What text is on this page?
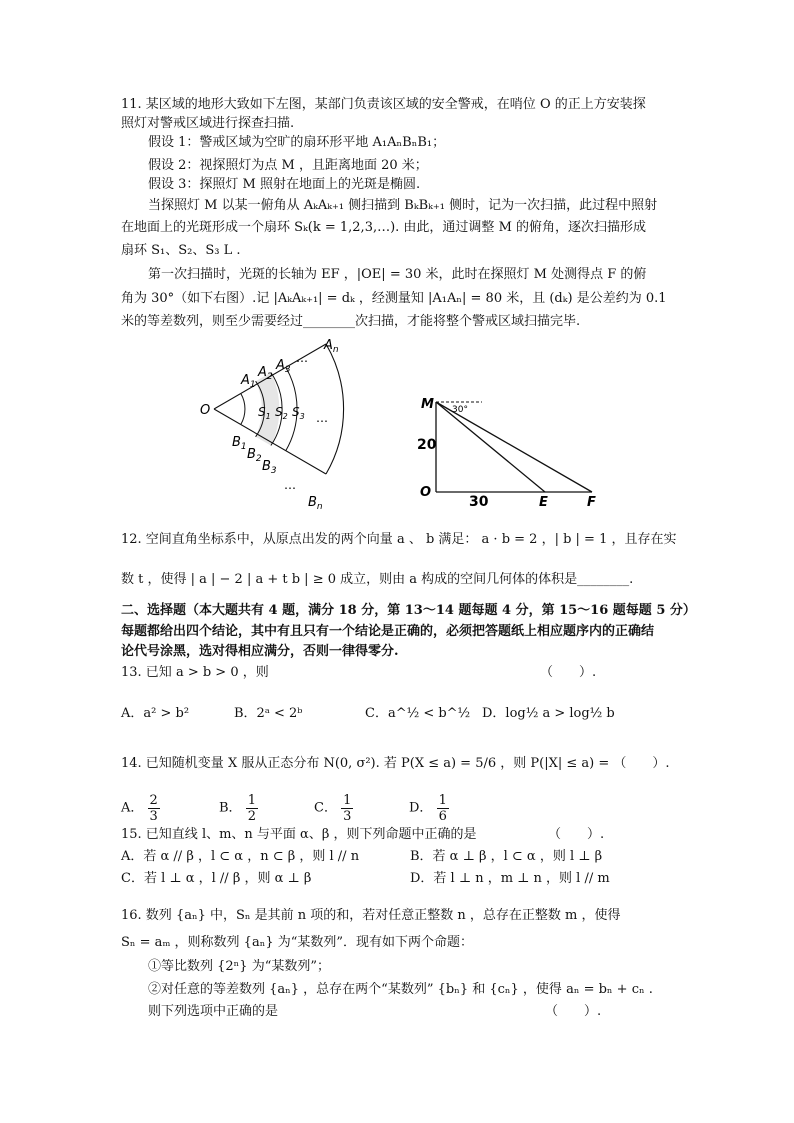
11. 某区域的地形大致如下左图，某部门负责该区域的安全警戒，在哨位 O 的正上方安装探
照灯对警戒区域进行探查扫描.
假设 1：警戒区域为空旷的扇环形平地 A₁AₙBₙB₁；
假设 2：视探照灯为点 M ，且距离地面 20 米；
假设 3：探照灯 M 照射在地面上的光斑是椭圆.
当探照灯 M 以某一俯角从 AₖAₖ₊₁ 侧扫描到 BₖBₖ₊₁ 侧时，记为一次扫描，此过程中照射
在地面上的光斑形成一个扇环 Sₖ(k = 1,2,3,…). 由此，通过调整 M 的俯角，逐次扫描形成
扇环 S₁、S₂、S₃ L .
第一次扫描时，光斑的长轴为 EF ，|OE| = 30 米，此时在探照灯 M 处测得点 F 的俯
角为 30°（如下右图）.记 |AₖAₖ₊₁| = dₖ ，经测量知 |A₁Aₙ| = 80 米，且 (dₖ) 是公差约为 0.1
米的等差数列，则至少需要经过________次扫描，才能将整个警戒区域扫描完毕.
O
$A_1$
$A_2$
$A_3$
$A_n$
…
$S_1$ $S_2$ $S_3$ …
$B_1$ $B_2$ $B_3$
…
$B_n$
M 30°
20
O
30	E	F
12. 空间直角坐标系中，从原点出发的两个向量 a 、 b 满足： a · b = 2 ，| b | = 1 ，且存在实
数 t ，使得 | a | − 2 | a + t b | ≥ 0 成立，则由 a 构成的空间几何体的体积是________.
二、选择题（本大题共有 4 题，满分 18 分，第 13～14 题每题 4 分，第 15～16 题每题 5 分）
每题都给出四个结论，其中有且只有一个结论是正确的，必须把答题纸上相应题序内的正确结
论代号涂黑，选对得相应满分，否则一律得零分.
13. 已知 a > b > 0 ，则	（　　）.
A．a² > b²	B．2ᵃ < 2ᵇ	C．a^½ < b^½ D．log½ a > log½ b
14. 已知随机变量 X 服从正态分布 N(0, σ²). 若 P(X ≤ a) = 5/6 ，则 P(|X| ≤ a) = （　　）.
A． $\frac{2}{3}$	B． $\frac{1}{2}$	C． $\frac{1}{3}$	D． $\frac{1}{6}$
15. 已知直线 l、m、n 与平面 α、β ，则下列命题中正确的是	（　　）.
A．若 α // β ，l ⊂ α ，n ⊂ β ，则 l // n	B．若 α ⊥ β ，l ⊂ α ，则 l ⊥ β
C．若 l ⊥ α ，l // β ，则 α ⊥ β	D．若 l ⊥ n ，m ⊥ n ，则 l // m
16. 数列 {aₙ} 中，Sₙ 是其前 n 项的和，若对任意正整数 n ，总存在正整数 m ，使得
Sₙ = aₘ ，则称数列 {aₙ} 为“某数列”．现有如下两个命题：
①等比数列 {2ⁿ} 为“某数列”；
②对任意的等差数列 {aₙ} ，总存在两个“某数列” {bₙ} 和 {cₙ} ，使得 aₙ = bₙ + cₙ .
则下列选项中正确的是	（　　）.
